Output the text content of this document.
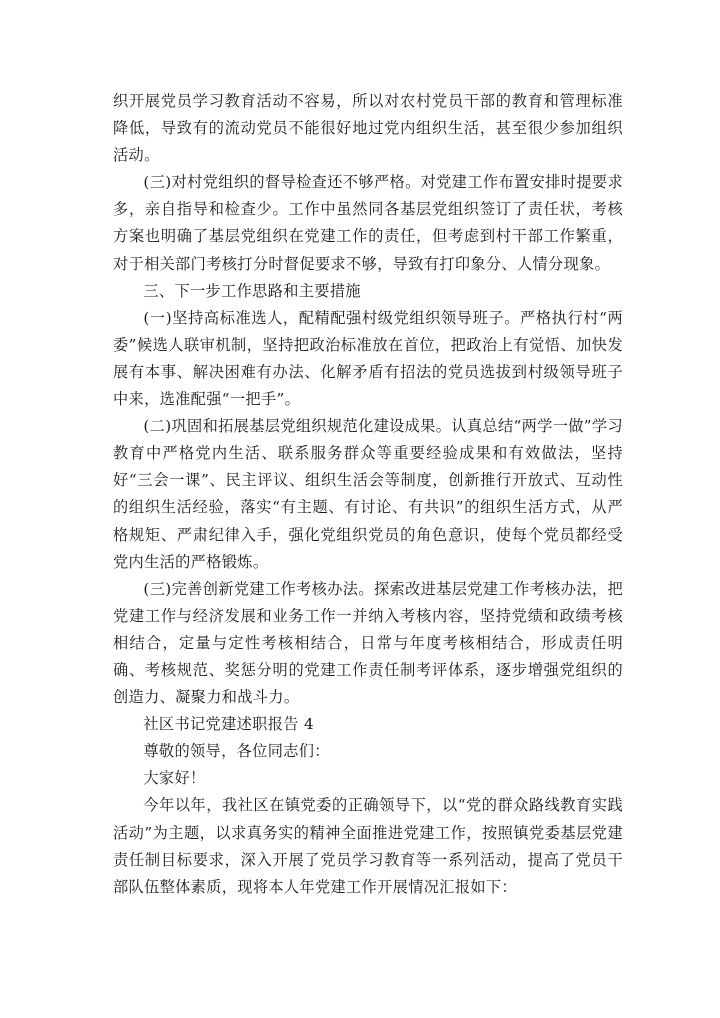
织开展党员学习教育活动不容易，所以对农村党员干部的教育和管理标准降低，导致有的流动党员不能很好地过党内组织生活，甚至很少参加组织活动。

(三)对村党组织的督导检查还不够严格。对党建工作布置安排时提要求多，亲自指导和检查少。工作中虽然同各基层党组织签订了责任状，考核方案也明确了基层党组织在党建工作的责任，但考虑到村干部工作繁重，对于相关部门考核打分时督促要求不够，导致有打印象分、人情分现象。

三、下一步工作思路和主要措施

(一)坚持高标准选人，配精配强村级党组织领导班子。严格执行村“两委”候选人联审机制，坚持把政治标准放在首位，把政治上有觉悟、加快发展有本事、解决困难有办法、化解矛盾有招法的党员选拔到村级领导班子中来，选准配强“一把手”。

(二)巩固和拓展基层党组织规范化建设成果。认真总结“两学一做”学习教育中严格党内生活、联系服务群众等重要经验成果和有效做法，坚持好“三会一课”、民主评议、组织生活会等制度，创新推行开放式、互动性的组织生活经验，落实“有主题、有讨论、有共识”的组织生活方式，从严格规矩、严肃纪律入手，强化党组织党员的角色意识，使每个党员都经受党内生活的严格锻炼。

(三)完善创新党建工作考核办法。探索改进基层党建工作考核办法，把党建工作与经济发展和业务工作一并纳入考核内容，坚持党绩和政绩考核相结合，定量与定性考核相结合，日常与年度考核相结合，形成责任明确、考核规范、奖惩分明的党建工作责任制考评体系，逐步增强党组织的创造力、凝聚力和战斗力。

社区书记党建述职报告 4

尊敬的领导，各位同志们：

大家好！

今年以年，我社区在镇党委的正确领导下，以“党的群众路线教育实践活动”为主题，以求真务实的精神全面推进党建工作，按照镇党委基层党建责任制目标要求，深入开展了党员学习教育等一系列活动，提高了党员干部队伍整体素质，现将本人年党建工作开展情况汇报如下：
